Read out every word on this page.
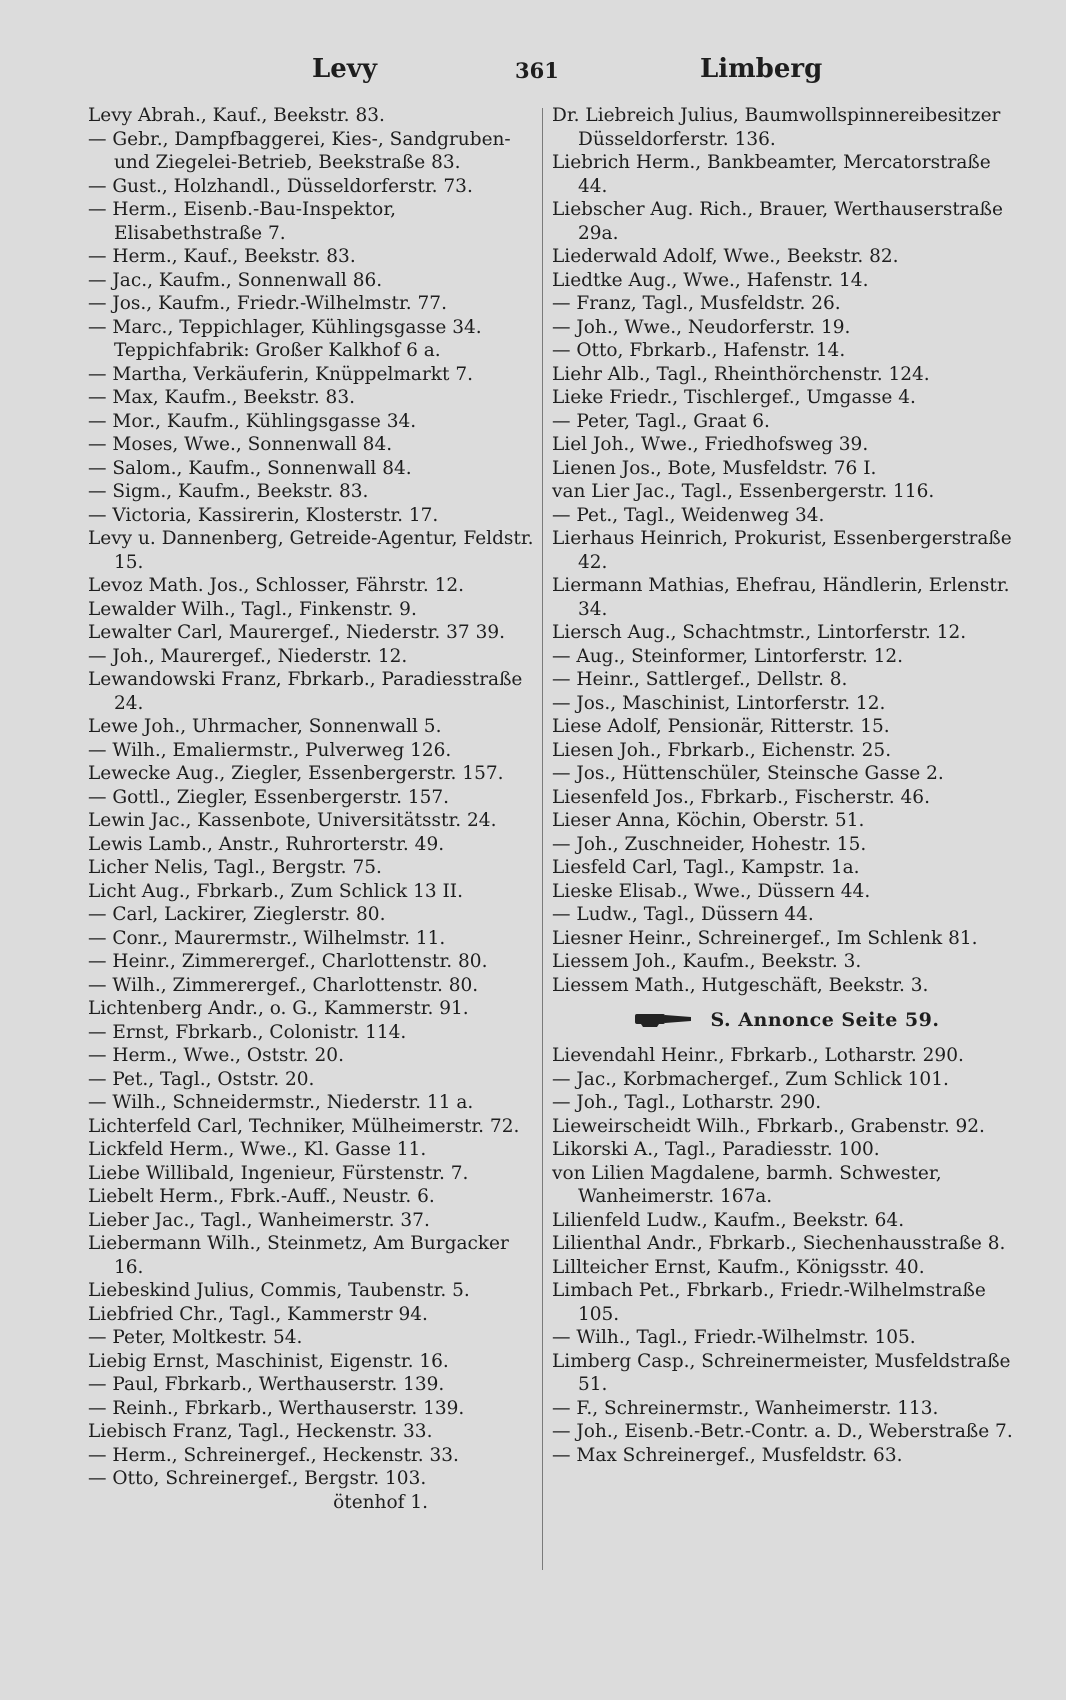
Levy	361	Limberg
Levy Abrah., Kauf., Beekstr. 83.
— Gebr., Dampfbaggerei, Kies-, Sandgruben- und Ziegelei-Betrieb, Beekstraße 83.
— Gust., Holzhandl., Düsseldorferstr. 73.
— Herm., Eisenb.-Bau-Inspektor, Elisabethstraße 7.
— Herm., Kauf., Beekstr. 83.
— Jac., Kaufm., Sonnenwall 86.
— Jos., Kaufm., Friedr.-Wilhelmstr. 77.
— Marc., Teppichlager, Kühlingsgasse 34.
Teppichfabrik: Großer Kalkhof 6 a.
— Martha, Verkäuferin, Knüppelmarkt 7.
— Max, Kaufm., Beekstr. 83.
— Mor., Kaufm., Kühlingsgasse 34.
— Moses, Wwe., Sonnenwall 84.
— Salom., Kaufm., Sonnenwall 84.
— Sigm., Kaufm., Beekstr. 83.
— Victoria, Kassirerin, Klosterstr. 17.
Levy u. Dannenberg, Getreide-Agentur, Feldstr. 15.
Levoz Math. Jos., Schlosser, Fährstr. 12.
Lewalder Wilh., Tagl., Finkenstr. 9.
Lewalter Carl, Maurergef., Niederstr. 37 39.
— Joh., Maurergef., Niederstr. 12.
Lewandowski Franz, Fbrkarb., Paradiesstraße 24.
Lewe Joh., Uhrmacher, Sonnenwall 5.
— Wilh., Emaliermstr., Pulverweg 126.
Lewecke Aug., Ziegler, Essenbergerstr. 157.
— Gottl., Ziegler, Essenbergerstr. 157.
Lewin Jac., Kassenbote, Universitätsstr. 24.
Lewis Lamb., Anstr., Ruhrorterstr. 49.
Licher Nelis, Tagl., Bergstr. 75.
Licht Aug., Fbrkarb., Zum Schlick 13 II.
— Carl, Lackirer, Zieglerstr. 80.
— Conr., Maurermstr., Wilhelmstr. 11.
— Heinr., Zimmerergef., Charlottenstr. 80.
— Wilh., Zimmerergef., Charlottenstr. 80.
Lichtenberg Andr., o. G., Kammerstr. 91.
— Ernst, Fbrkarb., Colonistr. 114.
— Herm., Wwe., Oststr. 20.
— Pet., Tagl., Oststr. 20.
— Wilh., Schneidermstr., Niederstr. 11 a.
Lichterfeld Carl, Techniker, Mülheimerstr. 72.
Lickfeld Herm., Wwe., Kl. Gasse 11.
Liebe Willibald, Ingenieur, Fürstenstr. 7.
Liebelt Herm., Fbrk.-Auff., Neustr. 6.
Lieber Jac., Tagl., Wanheimerstr. 37.
Liebermann Wilh., Steinmetz, Am Burgacker 16.
Liebeskind Julius, Commis, Taubenstr. 5.
Liebfried Chr., Tagl., Kammerstr 94.
— Peter, Moltkestr. 54.
Liebig Ernst, Maschinist, Eigenstr. 16.
— Paul, Fbrkarb., Werthauserstr. 139.
— Reinh., Fbrkarb., Werthauserstr. 139.
Liebisch Franz, Tagl., Heckenstr. 33.
— Herm., Schreinergef., Heckenstr. 33.
— Otto, Schreinergef., Bergstr. 103.
ötenhof 1.
Dr. Liebreich Julius, Baumwollspinnereibesitzer Düsseldorferstr. 136.
Liebrich Herm., Bankbeamter, Mercatorstraße 44.
Liebscher Aug. Rich., Brauer, Werthauserstraße 29a.
Liederwald Adolf, Wwe., Beekstr. 82.
Liedtke Aug., Wwe., Hafenstr. 14.
— Franz, Tagl., Musfeldstr. 26.
— Joh., Wwe., Neudorferstr. 19.
— Otto, Fbrkarb., Hafenstr. 14.
Liehr Alb., Tagl., Rheinthörchenstr. 124.
Lieke Friedr., Tischlergef., Umgasse 4.
— Peter, Tagl., Graat 6.
Liel Joh., Wwe., Friedhofsweg 39.
Lienen Jos., Bote, Musfeldstr. 76 I.
van Lier Jac., Tagl., Essenbergerstr. 116.
— Pet., Tagl., Weidenweg 34.
Lierhaus Heinrich, Prokurist, Essenbergerstraße 42.
Liermann Mathias, Ehefrau, Händlerin, Erlenstr. 34.
Liersch Aug., Schachtmstr., Lintorferstr. 12.
— Aug., Steinformer, Lintorferstr. 12.
— Heinr., Sattlergef., Dellstr. 8.
— Jos., Maschinist, Lintorferstr. 12.
Liese Adolf, Pensionär, Ritterstr. 15.
Liesen Joh., Fbrkarb., Eichenstr. 25.
— Jos., Hüttenschüler, Steinsche Gasse 2.
Liesenfeld Jos., Fbrkarb., Fischerstr. 46.
Lieser Anna, Köchin, Oberstr. 51.
— Joh., Zuschneider, Hohestr. 15.
Liesfeld Carl, Tagl., Kampstr. 1a.
Lieske Elisab., Wwe., Düssern 44.
— Ludw., Tagl., Düssern 44.
Liesner Heinr., Schreinergef., Im Schlenk 81.
Liessem Joh., Kaufm., Beekstr. 3.
Liessem Math., Hutgeschäft, Beekstr. 3.
S. Annonce Seite 59.
Lievendahl Heinr., Fbrkarb., Lotharstr. 290.
— Jac., Korbmachergef., Zum Schlick 101.
— Joh., Tagl., Lotharstr. 290.
Lieweirscheidt Wilh., Fbrkarb., Grabenstr. 92.
Likorski A., Tagl., Paradiesstr. 100.
von Lilien Magdalene, barmh. Schwester, Wanheimerstr. 167a.
Lilienfeld Ludw., Kaufm., Beekstr. 64.
Lilienthal Andr., Fbrkarb., Siechenhausstraße 8.
Lillteicher Ernst, Kaufm., Königsstr. 40.
Limbach Pet., Fbrkarb., Friedr.-Wilhelmstraße 105.
— Wilh., Tagl., Friedr.-Wilhelmstr. 105.
Limberg Casp., Schreinermeister, Musfeldstraße 51.
— F., Schreinermstr., Wanheimerstr. 113.
— Joh., Eisenb.-Betr.-Contr. a. D., Weberstraße 7.
— Max Schreinergef., Musfeldstr. 63.
